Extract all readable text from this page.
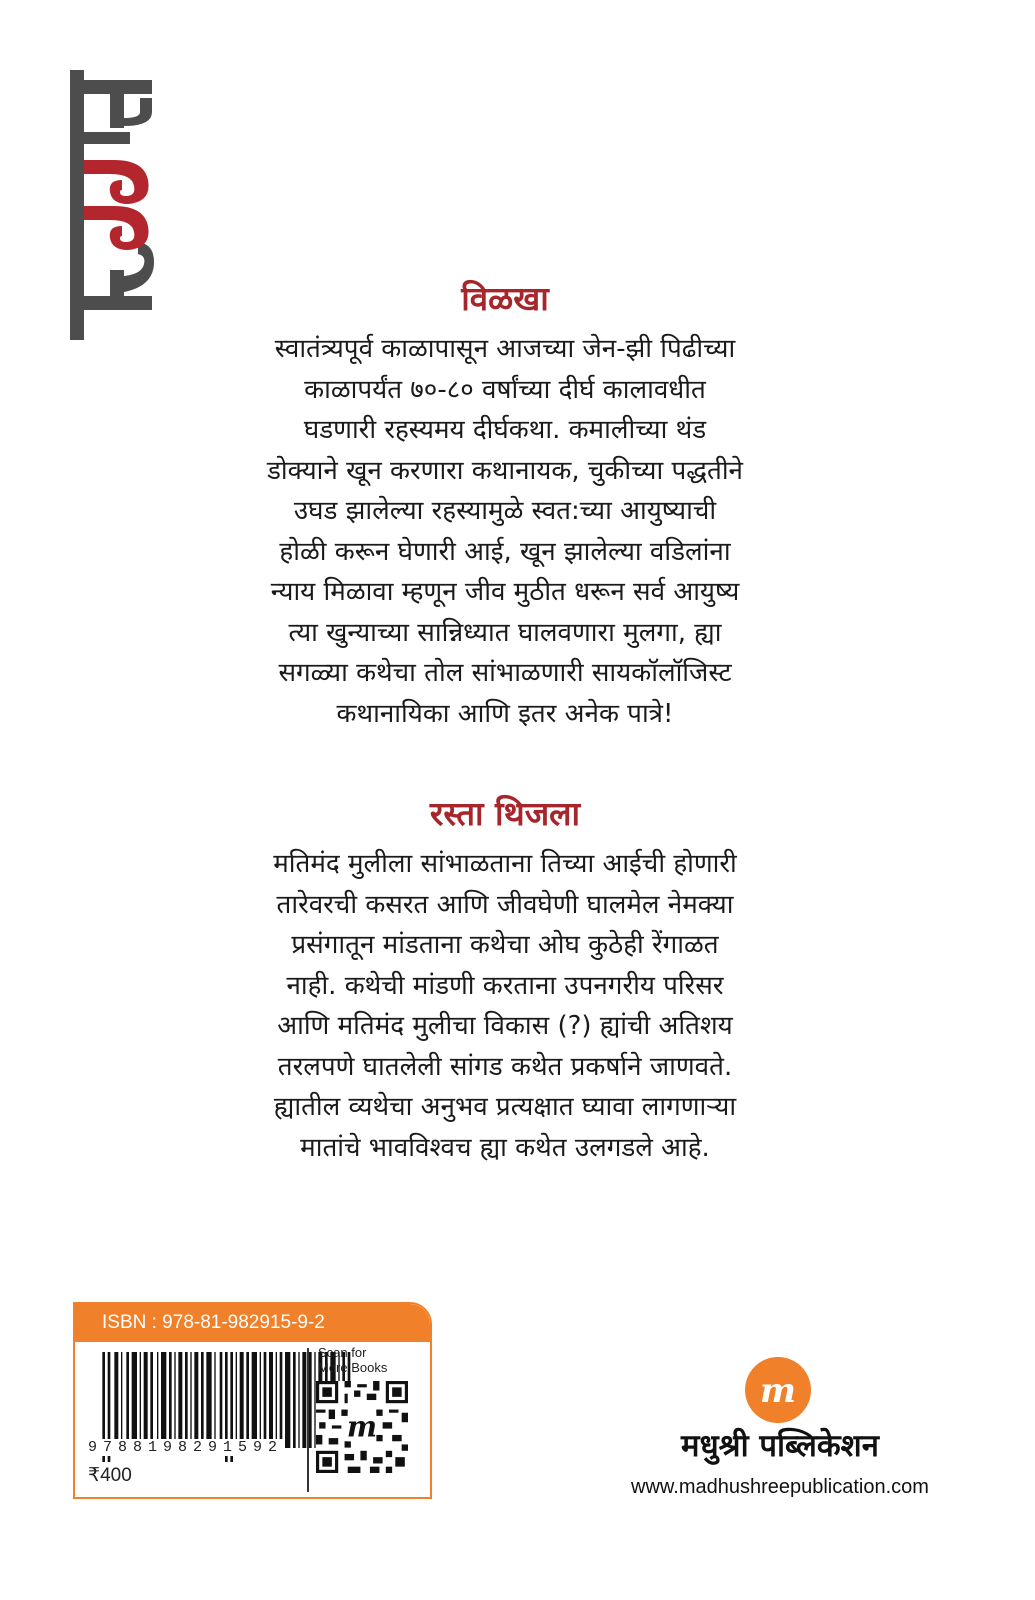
विळखा

स्वातंत्र्यपूर्व काळापासून आजच्या जेन-झी पिढीच्या
काळापर्यंत ७०-८० वर्षांच्या दीर्घ कालावधीत
घडणारी रहस्यमय दीर्घकथा. कमालीच्या थंड
डोक्याने खून करणारा कथानायक, चुकीच्या पद्धतीने
उघड झालेल्या रहस्यामुळे स्वत:च्या आयुष्याची
होळी करून घेणारी आई, खून झालेल्या वडिलांना
न्याय मिळावा म्हणून जीव मुठीत धरून सर्व आयुष्य
त्या खुन्याच्या सान्निध्यात घालवणारा मुलगा, ह्या
सगळ्या कथेचा तोल सांभाळणारी सायकॉलॉजिस्ट
कथानायिका आणि इतर अनेक पात्रे!

रस्ता थिजला

मतिमंद मुलीला सांभाळताना तिच्या आईची होणारी
तारेवरची कसरत आणि जीवघेणी घालमेल नेमक्या
प्रसंगातून मांडताना कथेचा ओघ कुठेही रेंगाळत
नाही. कथेची मांडणी करताना उपनगरीय परिसर
आणि मतिमंद मुलीचा विकास (?) ह्यांची अतिशय
तरलपणे घातलेली सांगड कथेत प्रकर्षाने जाणवते.
ह्यातील व्यथेचा अनुभव प्रत्यक्षात घ्यावा लागणाऱ्या
मातांचे भावविश्वच ह्या कथेत उलगडले आहे.

ISBN : 978-81-982915-9-2
9788198291592
₹400
Scan for
More Books
m
m
मधुश्री पब्लिकेशन
www.madhushreepublication.com
